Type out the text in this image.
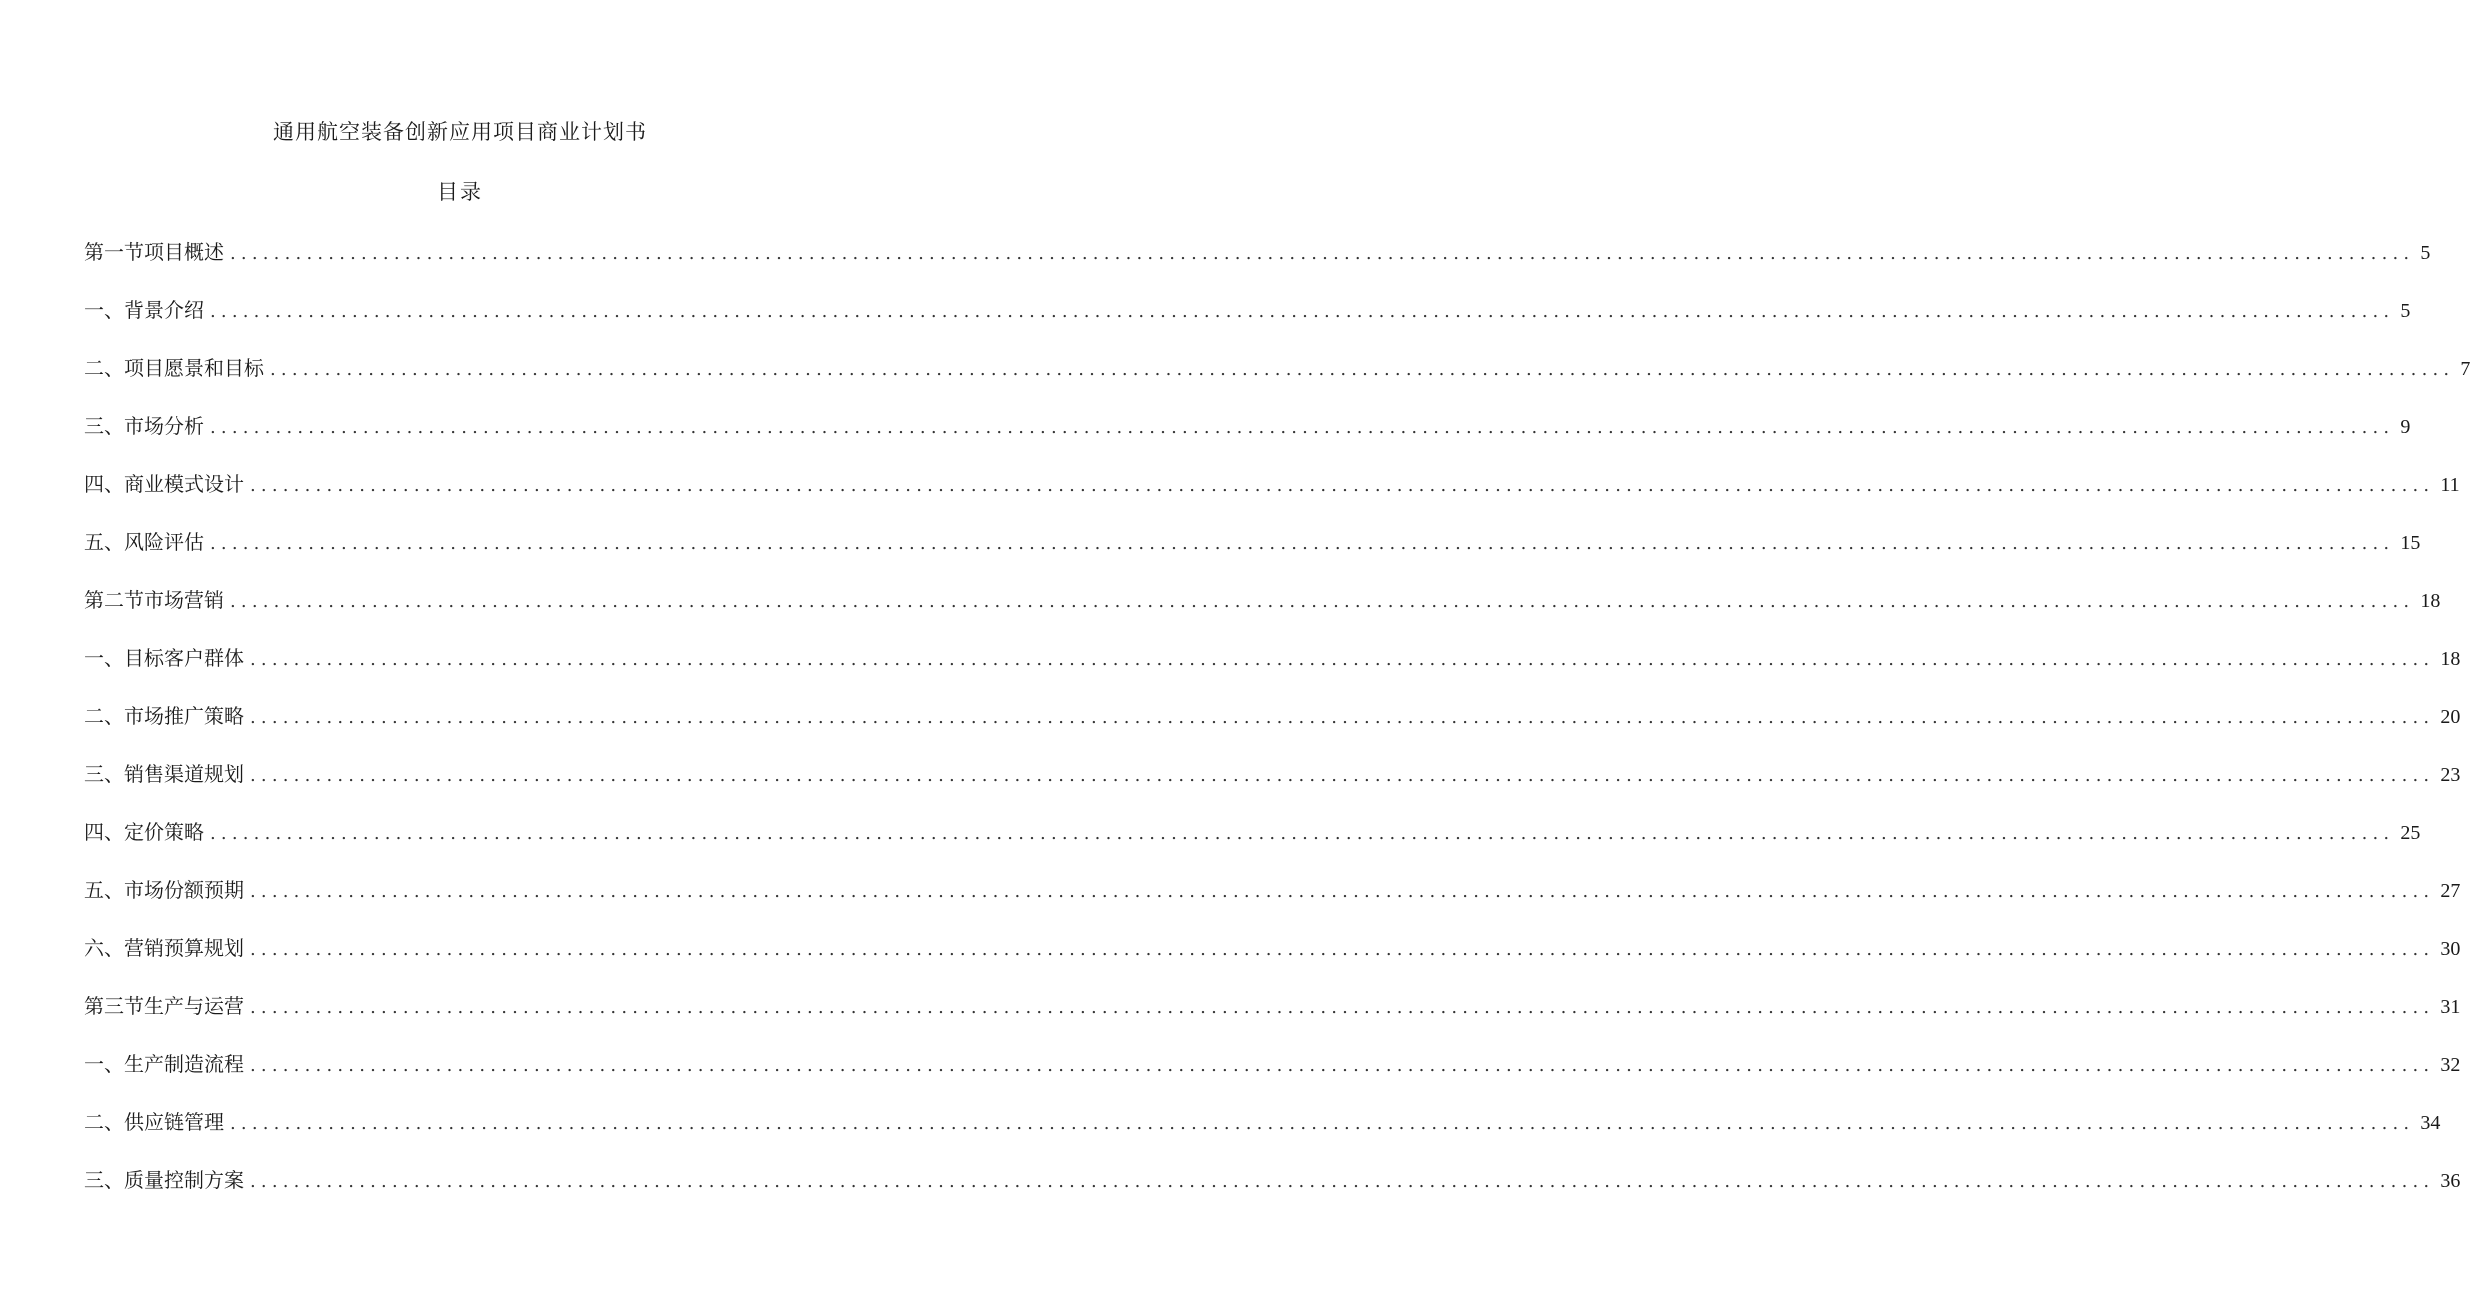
通用航空装备创新应用项目商业计划书
目录
第一节项目概述 ........................................................................................................................................................................................................ 5
一、背景介绍 ........................................................................................................................................................................................................ 5
二、项目愿景和目标 ........................................................................................................................................................................................................ 7
三、市场分析 ........................................................................................................................................................................................................ 9
四、商业模式设计 ........................................................................................................................................................................................................ 11
五、风险评估 ........................................................................................................................................................................................................ 15
第二节市场营销 ........................................................................................................................................................................................................ 18
一、目标客户群体 ........................................................................................................................................................................................................ 18
二、市场推广策略 ........................................................................................................................................................................................................ 20
三、销售渠道规划 ........................................................................................................................................................................................................ 23
四、定价策略 ........................................................................................................................................................................................................ 25
五、市场份额预期 ........................................................................................................................................................................................................ 27
六、营销预算规划 ........................................................................................................................................................................................................ 30
第三节生产与运营 ........................................................................................................................................................................................................ 31
一、生产制造流程 ........................................................................................................................................................................................................ 32
二、供应链管理 ........................................................................................................................................................................................................ 34
三、质量控制方案 ........................................................................................................................................................................................................ 36
